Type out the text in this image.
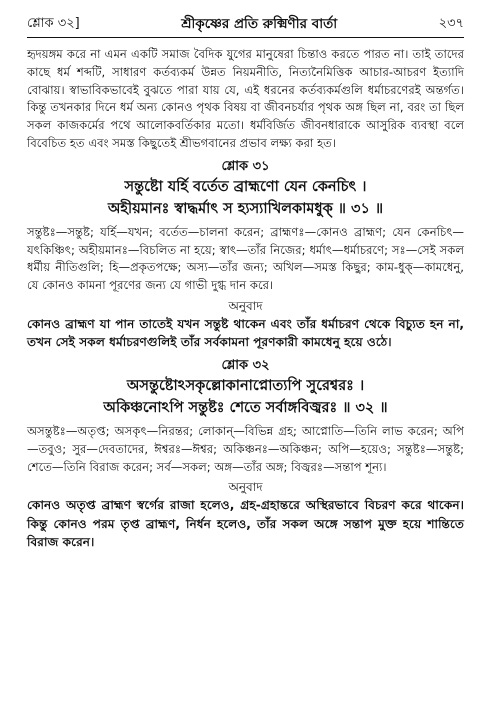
শ্লোক ৩২]	শ্রীকৃষ্ণের প্রতি রুক্মিণীর বার্তা	২৩৭

হৃদয়ঙ্গম করে না এমন একটি সমাজ বৈদিক যুগের মানুষেরা চিন্তাও করতে পারত না। তাই তাদের কাছে ধর্ম শব্দটি, সাধারণ কর্তব্যকর্ম উন্নত নিয়মনীতি, নিত্যনৈমিত্তিক আচার-আচরণ ইত্যাদি বোঝায়। স্বাভাবিকভাবেই বুঝতে পারা যায় যে, এই ধরনের কর্তব্যকর্মগুলি ধর্মাচরণেরই অন্তর্গত। কিন্তু তখনকার দিনে ধর্ম অন্য কোনও পৃথক বিষয় বা জীবনচর্যার পৃথক অঙ্গ ছিল না, বরং তা ছিল সকল কাজকর্মের পথে আলোকবর্তিকার মতো। ধর্মবির্জিত জীবনধারাকে আসুরিক ব্যবস্থা বলে বিবেচিত হত এবং সমস্ত কিছুতেই শ্রীভগবানের প্রভাব লক্ষ্য করা হত।

শ্লোক ৩১
সন্তুষ্টো যর্হি বর্তেত ব্রাহ্মণো যেন কেনচিৎ ।
অহীয়মানঃ স্বাদ্ধর্মাৎ স হ্যস্যাখিলকামধুক্‌ ॥ ৩১ ॥

সন্তুষ্টঃ—সন্তুষ্ট; যর্হি—যখন; বর্তেত—চালনা করেন; ব্রাহ্মণঃ—কোনও ব্রাহ্মণ; যেন কেনচিৎ—যৎকিঞ্চিৎ; অহীয়মানঃ—বিচলিত না হয়ে; স্বাৎ—তাঁর নিজের; ধর্মাৎ—ধর্মাচরণে; সঃ—সেই সকল ধর্মীয় নীতিগুলি; হি—প্রকৃতপক্ষে; অস্য—তাঁর জন্য; অখিল—সমস্ত কিছুর; কাম-ধুক্‌—কামধেনু, যে কোনও কামনা পূরণের জন্য যে গাভী দুগ্ধ দান করে।

অনুবাদ

কোনও ব্রাহ্মণ যা পান তাতেই যখন সন্তুষ্ট থাকেন এবং তাঁর ধর্মাচরণ থেকে বিচ্যুত হন না, তখন সেই সকল ধর্মাচরণগুলিই তাঁর সর্বকামনা পূরণকারী কামধেনু হয়ে ওঠে।

শ্লোক ৩২
অসন্তুষ্টোঽসকৃল্লোকানাপ্নোত্যপি সুরেশ্বরঃ ।
অকিঞ্চনোঽপি সন্তুষ্টঃ শেতে সর্বাঙ্গবিজ্বরঃ ॥ ৩২ ॥

অসন্তুষ্টঃ—অতৃপ্ত; অসকৃৎ—নিরন্তর; লোকান্‌—বিভিন্ন গ্রহ; আপ্নোতি—তিনি লাভ করেন; অপি—তবুও; সুর—দেবতাদের, ঈশ্বরঃ—ঈশ্বর; অকিঞ্চনঃ—অকিঞ্চন; অপি—হয়েও; সন্তুষ্টঃ—সন্তুষ্ট; শেতে—তিনি বিরাজ করেন; সর্ব—সকল; অঙ্গ—তাঁর অঙ্গ; বিজ্বরঃ—সন্তাপ শূন্য।

অনুবাদ

কোনও অতৃপ্ত ব্রাহ্মণ স্বর্গের রাজা হলেও, গ্রহ-গ্রহান্তরে অস্থিরভাবে বিচরণ করে থাকেন। কিন্তু কোনও পরম তৃপ্ত ব্রাহ্মণ, নির্ধন হলেও, তাঁর সকল অঙ্গে সন্তাপ মুক্ত হয়ে শান্তিতে বিরাজ করেন।
